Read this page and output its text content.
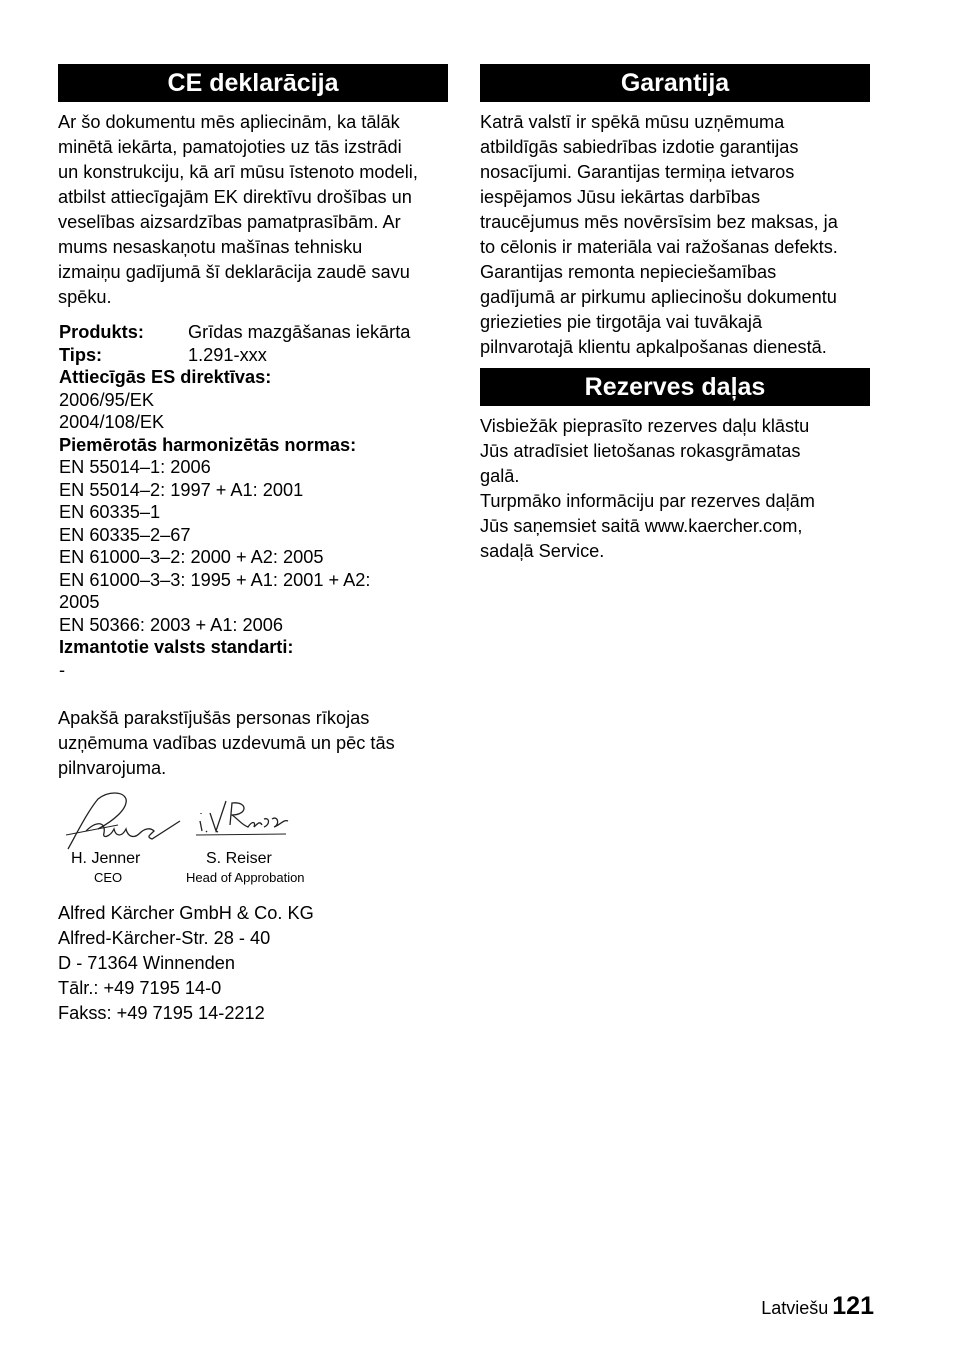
CE deklarācija

Ar šo dokumentu mēs apliecinām, ka tālāk
minētā iekārta, pamatojoties uz tās izstrādi
un konstrukciju, kā arī mūsu īstenoto modeli,
atbilst attiecīgajām EK direktīvu drošības un
veselības aizsardzības pamatprasībām. Ar
mums nesaskaņotu mašīnas tehnisku
izmaiņu gadījumā šī deklarācija zaudē savu
spēku.

Produkts:	Grīdas mazgāšanas iekārta
Tips:	1.291-xxx
Attiecīgās ES direktīvas:
2006/95/EK
2004/108/EK
Piemērotās harmonizētās normas:
EN 55014–1: 2006
EN 55014–2: 1997 + A1: 2001
EN 60335–1
EN 60335–2–67
EN 61000–3–2: 2000 + A2: 2005
EN 61000–3–3: 1995 + A1: 2001 + A2:
2005
EN 50366: 2003 + A1: 2006
Izmantotie valsts standarti:
-

Apakšā parakstījušās personas rīkojas
uzņēmuma vadības uzdevumā un pēc tās
pilnvarojuma.

H. Jenner
CEO
S. Reiser
Head of Approbation
Alfred Kärcher GmbH & Co. KG
Alfred-Kärcher-Str. 28 - 40
D - 71364 Winnenden
Tālr.: +49 7195 14-0
Fakss: +49 7195 14-2212
Garantija

Katrā valstī ir spēkā mūsu uzņēmuma
atbildīgās sabiedrības izdotie garantijas
nosacījumi. Garantijas termiņa ietvaros
iespējamos Jūsu iekārtas darbības
traucējumus mēs novērsīsim bez maksas, ja
to cēlonis ir materiāla vai ražošanas defekts.
Garantijas remonta nepieciešamības
gadījumā ar pirkumu apliecinošu dokumentu
griezieties pie tirgotāja vai tuvākajā
pilnvarotajā klientu apkalpošanas dienestā.

Rezerves daļas

Visbiežāk pieprasīto rezerves daļu klāstu
Jūs atradīsiet lietošanas rokasgrāmatas
galā.
Turpmāko informāciju par rezerves daļām
Jūs saņemsiet saitā www.kaercher.com,
sadaļā Service.

Latviešu 121
